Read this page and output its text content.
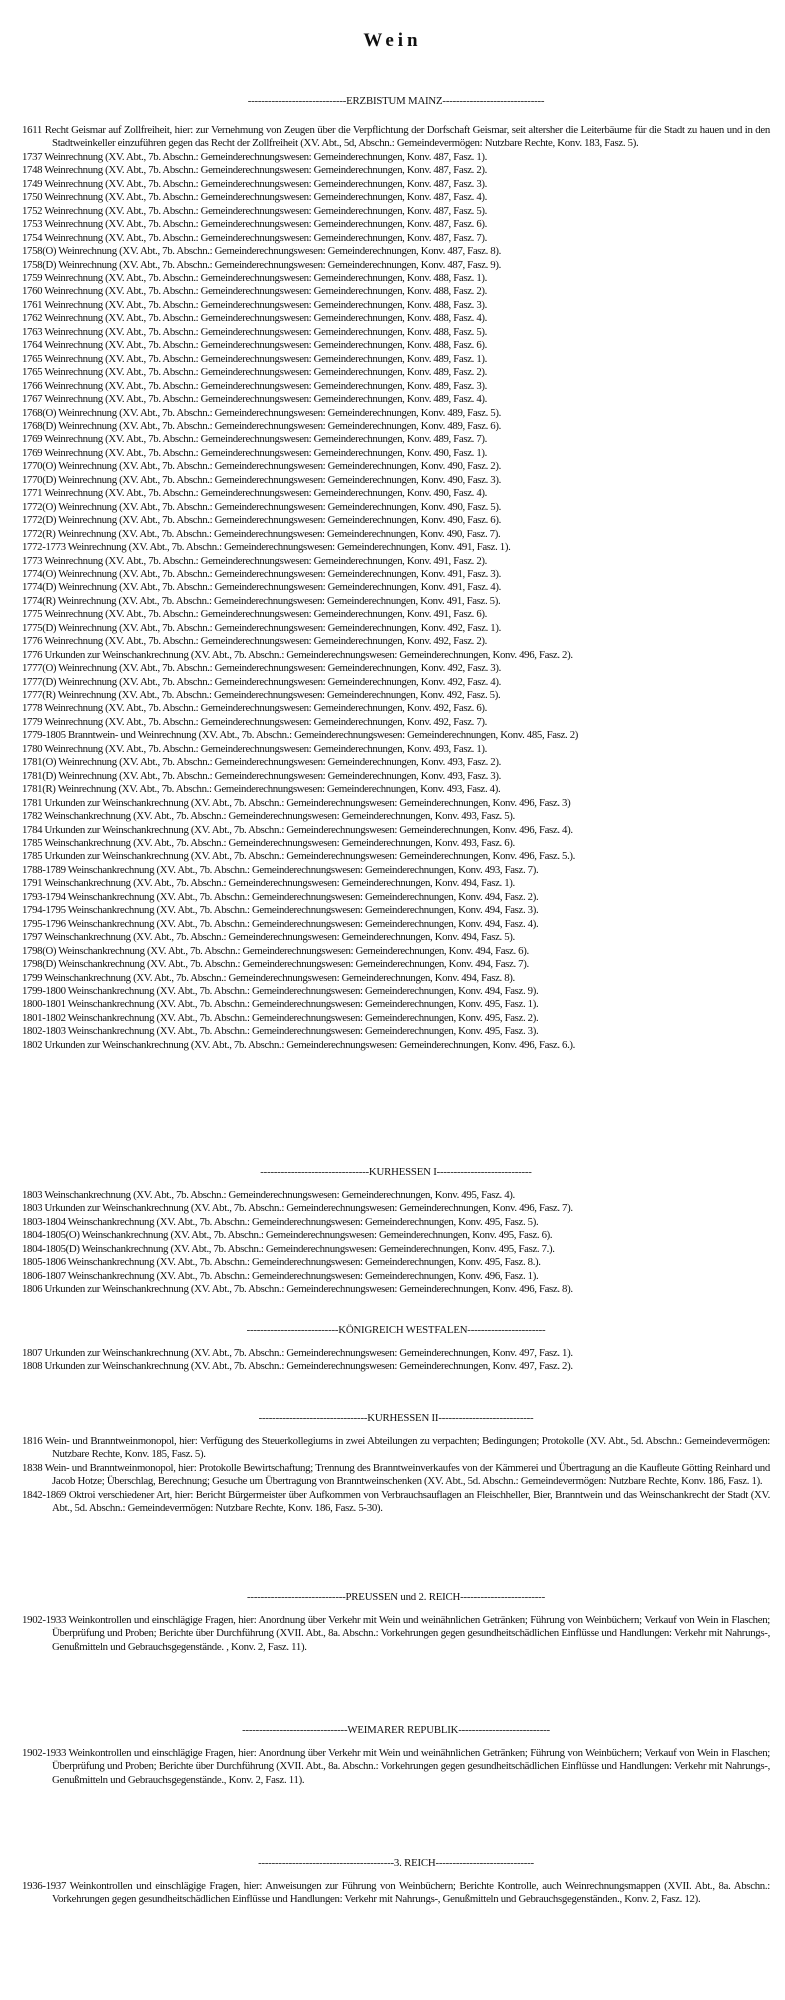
Wein
-----------------------------ERZBISTUM MAINZ------------------------------
1611 Recht Geismar auf Zollfreiheit, hier: zur Vernehmung von Zeugen über die Verpflichtung der Dorfschaft Geismar, seit altersher die Leiterbäume für die Stadt zu hauen und in den Stadtweinkeller einzuführen gegen das Recht der Zollfreiheit (XV. Abt., 5d, Abschn.: Gemeindevermögen: Nutzbare Rechte, Konv. 183, Fasz. 5).
1737 Weinrechnung (XV. Abt., 7b. Abschn.: Gemeinderechnungswesen: Gemeinderechnungen, Konv. 487, Fasz. 1).
1748 Weinrechnung (XV. Abt., 7b. Abschn.: Gemeinderechnungswesen: Gemeinderechnungen, Konv. 487, Fasz. 2).
1749 Weinrechnung (XV. Abt., 7b. Abschn.: Gemeinderechnungswesen: Gemeinderechnungen, Konv. 487, Fasz. 3).
1750 Weinrechnung (XV. Abt., 7b. Abschn.: Gemeinderechnungswesen: Gemeinderechnungen, Konv. 487, Fasz. 4).
1752 Weinrechnung (XV. Abt., 7b. Abschn.: Gemeinderechnungswesen: Gemeinderechnungen, Konv. 487, Fasz. 5).
1753 Weinrechnung (XV. Abt., 7b. Abschn.: Gemeinderechnungswesen: Gemeinderechnungen, Konv. 487, Fasz. 6).
1754 Weinrechnung (XV. Abt., 7b. Abschn.: Gemeinderechnungswesen: Gemeinderechnungen, Konv. 487, Fasz. 7).
1758(O) Weinrechnung (XV. Abt., 7b. Abschn.: Gemeinderechnungswesen: Gemeinderechnungen, Konv. 487, Fasz. 8).
1758(D) Weinrechnung (XV. Abt., 7b. Abschn.: Gemeinderechnungswesen: Gemeinderechnungen, Konv. 487, Fasz. 9).
1759 Weinrechnung (XV. Abt., 7b. Abschn.: Gemeinderechnungswesen: Gemeinderechnungen, Konv. 488, Fasz. 1).
1760 Weinrechnung (XV. Abt., 7b. Abschn.: Gemeinderechnungswesen: Gemeinderechnungen, Konv. 488, Fasz. 2).
1761 Weinrechnung (XV. Abt., 7b. Abschn.: Gemeinderechnungswesen: Gemeinderechnungen, Konv. 488, Fasz. 3).
1762 Weinrechnung (XV. Abt., 7b. Abschn.: Gemeinderechnungswesen: Gemeinderechnungen, Konv. 488, Fasz. 4).
1763 Weinrechnung (XV. Abt., 7b. Abschn.: Gemeinderechnungswesen: Gemeinderechnungen, Konv. 488, Fasz. 5).
1764 Weinrechnung (XV. Abt., 7b. Abschn.: Gemeinderechnungswesen: Gemeinderechnungen, Konv. 488, Fasz. 6).
1765 Weinrechnung (XV. Abt., 7b. Abschn.: Gemeinderechnungswesen: Gemeinderechnungen, Konv. 489, Fasz. 1).
1765 Weinrechnung (XV. Abt., 7b. Abschn.: Gemeinderechnungswesen: Gemeinderechnungen, Konv. 489, Fasz. 2).
1766 Weinrechnung (XV. Abt., 7b. Abschn.: Gemeinderechnungswesen: Gemeinderechnungen, Konv. 489, Fasz. 3).
1767 Weinrechnung (XV. Abt., 7b. Abschn.: Gemeinderechnungswesen: Gemeinderechnungen, Konv. 489, Fasz. 4).
1768(O) Weinrechnung (XV. Abt., 7b. Abschn.: Gemeinderechnungswesen: Gemeinderechnungen, Konv. 489, Fasz. 5).
1768(D) Weinrechnung (XV. Abt., 7b. Abschn.: Gemeinderechnungswesen: Gemeinderechnungen, Konv. 489, Fasz. 6).
1769 Weinrechnung (XV. Abt., 7b. Abschn.: Gemeinderechnungswesen: Gemeinderechnungen, Konv. 489, Fasz. 7).
1769 Weinrechnung (XV. Abt., 7b. Abschn.: Gemeinderechnungswesen: Gemeinderechnungen, Konv. 490, Fasz. 1).
1770(O) Weinrechnung (XV. Abt., 7b. Abschn.: Gemeinderechnungswesen: Gemeinderechnungen, Konv. 490, Fasz. 2).
1770(D) Weinrechnung (XV. Abt., 7b. Abschn.: Gemeinderechnungswesen: Gemeinderechnungen, Konv. 490, Fasz. 3).
1771 Weinrechnung (XV. Abt., 7b. Abschn.: Gemeinderechnungswesen: Gemeinderechnungen, Konv. 490, Fasz. 4).
1772(O) Weinrechnung (XV. Abt., 7b. Abschn.: Gemeinderechnungswesen: Gemeinderechnungen, Konv. 490, Fasz. 5).
1772(D) Weinrechnung (XV. Abt., 7b. Abschn.: Gemeinderechnungswesen: Gemeinderechnungen, Konv. 490, Fasz. 6).
1772(R) Weinrechnung (XV. Abt., 7b. Abschn.: Gemeinderechnungswesen: Gemeinderechnungen, Konv. 490, Fasz. 7).
1772-1773 Weinrechnung (XV. Abt., 7b. Abschn.: Gemeinderechnungswesen: Gemeinderechnungen, Konv. 491, Fasz. 1).
1773 Weinrechnung (XV. Abt., 7b. Abschn.: Gemeinderechnungswesen: Gemeinderechnungen, Konv. 491, Fasz. 2).
1774(O) Weinrechnung (XV. Abt., 7b. Abschn.: Gemeinderechnungswesen: Gemeinderechnungen, Konv. 491, Fasz. 3).
1774(D) Weinrechnung (XV. Abt., 7b. Abschn.: Gemeinderechnungswesen: Gemeinderechnungen, Konv. 491, Fasz. 4).
1774(R) Weinrechnung (XV. Abt., 7b. Abschn.: Gemeinderechnungswesen: Gemeinderechnungen, Konv. 491, Fasz. 5).
1775 Weinrechnung (XV. Abt., 7b. Abschn.: Gemeinderechnungswesen: Gemeinderechnungen, Konv. 491, Fasz. 6).
1775(D) Weinrechnung (XV. Abt., 7b. Abschn.: Gemeinderechnungswesen: Gemeinderechnungen, Konv. 492, Fasz. 1).
1776 Weinrechnung (XV. Abt., 7b. Abschn.: Gemeinderechnungswesen: Gemeinderechnungen, Konv. 492, Fasz. 2).
1776 Urkunden zur Weinschankrechnung (XV. Abt., 7b. Abschn.: Gemeinderechnungswesen: Gemeinderechnungen, Konv. 496, Fasz. 2).
1777(O) Weinrechnung (XV. Abt., 7b. Abschn.: Gemeinderechnungswesen: Gemeinderechnungen, Konv. 492, Fasz. 3).
1777(D) Weinrechnung (XV. Abt., 7b. Abschn.: Gemeinderechnungswesen: Gemeinderechnungen, Konv. 492, Fasz. 4).
1777(R) Weinrechnung (XV. Abt., 7b. Abschn.: Gemeinderechnungswesen: Gemeinderechnungen, Konv. 492, Fasz. 5).
1778 Weinrechnung (XV. Abt., 7b. Abschn.: Gemeinderechnungswesen: Gemeinderechnungen, Konv. 492, Fasz. 6).
1779 Weinrechnung (XV. Abt., 7b. Abschn.: Gemeinderechnungswesen: Gemeinderechnungen, Konv. 492, Fasz. 7).
1779-1805 Branntwein- und Weinrechnung (XV. Abt., 7b. Abschn.: Gemeinderechnungswesen: Gemeinderechnungen, Konv. 485, Fasz. 2)
1780 Weinrechnung (XV. Abt., 7b. Abschn.: Gemeinderechnungswesen: Gemeinderechnungen, Konv. 493, Fasz. 1).
1781(O) Weinrechnung (XV. Abt., 7b. Abschn.: Gemeinderechnungswesen: Gemeinderechnungen, Konv. 493, Fasz. 2).
1781(D) Weinrechnung (XV. Abt., 7b. Abschn.: Gemeinderechnungswesen: Gemeinderechnungen, Konv. 493, Fasz. 3).
1781(R) Weinrechnung (XV. Abt., 7b. Abschn.: Gemeinderechnungswesen: Gemeinderechnungen, Konv. 493, Fasz. 4).
1781 Urkunden zur Weinschankrechnung (XV. Abt., 7b. Abschn.: Gemeinderechnungswesen: Gemeinderechnungen, Konv. 496, Fasz. 3)
1782 Weinschankrechnung (XV. Abt., 7b. Abschn.: Gemeinderechnungswesen: Gemeinderechnungen, Konv. 493, Fasz. 5).
1784 Urkunden zur Weinschankrechnung (XV. Abt., 7b. Abschn.: Gemeinderechnungswesen: Gemeinderechnungen, Konv. 496, Fasz. 4).
1785 Weinschankrechnung (XV. Abt., 7b. Abschn.: Gemeinderechnungswesen: Gemeinderechnungen, Konv. 493, Fasz. 6).
1785 Urkunden zur Weinschankrechnung (XV. Abt., 7b. Abschn.: Gemeinderechnungswesen: Gemeinderechnungen, Konv. 496, Fasz. 5.).
1788-1789 Weinschankrechnung (XV. Abt., 7b. Abschn.: Gemeinderechnungswesen: Gemeinderechnungen, Konv. 493, Fasz. 7).
1791 Weinschankrechnung (XV. Abt., 7b. Abschn.: Gemeinderechnungswesen: Gemeinderechnungen, Konv. 494, Fasz. 1).
1793-1794 Weinschankrechnung (XV. Abt., 7b. Abschn.: Gemeinderechnungswesen: Gemeinderechnungen, Konv. 494, Fasz. 2).
1794-1795 Weinschankrechnung (XV. Abt., 7b. Abschn.: Gemeinderechnungswesen: Gemeinderechnungen, Konv. 494, Fasz. 3).
1795-1796 Weinschankrechnung (XV. Abt., 7b. Abschn.: Gemeinderechnungswesen: Gemeinderechnungen, Konv. 494, Fasz. 4).
1797 Weinschankrechnung (XV. Abt., 7b. Abschn.: Gemeinderechnungswesen: Gemeinderechnungen, Konv. 494, Fasz. 5).
1798(O) Weinschankrechnung (XV. Abt., 7b. Abschn.: Gemeinderechnungswesen: Gemeinderechnungen, Konv. 494, Fasz. 6).
1798(D) Weinschankrechnung (XV. Abt., 7b. Abschn.: Gemeinderechnungswesen: Gemeinderechnungen, Konv. 494, Fasz. 7).
1799 Weinschankrechnung (XV. Abt., 7b. Abschn.: Gemeinderechnungswesen: Gemeinderechnungen, Konv. 494, Fasz. 8).
1799-1800 Weinschankrechnung (XV. Abt., 7b. Abschn.: Gemeinderechnungswesen: Gemeinderechnungen, Konv. 494, Fasz. 9).
1800-1801 Weinschankrechnung (XV. Abt., 7b. Abschn.: Gemeinderechnungswesen: Gemeinderechnungen, Konv. 495, Fasz. 1).
1801-1802 Weinschankrechnung (XV. Abt., 7b. Abschn.: Gemeinderechnungswesen: Gemeinderechnungen, Konv. 495, Fasz. 2).
1802-1803 Weinschankrechnung (XV. Abt., 7b. Abschn.: Gemeinderechnungswesen: Gemeinderechnungen, Konv. 495, Fasz. 3).
1802 Urkunden zur Weinschankrechnung (XV. Abt., 7b. Abschn.: Gemeinderechnungswesen: Gemeinderechnungen, Konv. 496, Fasz. 6.).
--------------------------------KURHESSEN I----------------------------
1803 Weinschankrechnung (XV. Abt., 7b. Abschn.: Gemeinderechnungswesen: Gemeinderechnungen, Konv. 495, Fasz. 4).
1803 Urkunden zur Weinschankrechnung (XV. Abt., 7b. Abschn.: Gemeinderechnungswesen: Gemeinderechnungen, Konv. 496, Fasz. 7).
1803-1804 Weinschankrechnung (XV. Abt., 7b. Abschn.: Gemeinderechnungswesen: Gemeinderechnungen, Konv. 495, Fasz. 5).
1804-1805(O) Weinschankrechnung (XV. Abt., 7b. Abschn.: Gemeinderechnungswesen: Gemeinderechnungen, Konv. 495, Fasz. 6).
1804-1805(D) Weinschankrechnung (XV. Abt., 7b. Abschn.: Gemeinderechnungswesen: Gemeinderechnungen, Konv. 495, Fasz. 7.).
1805-1806 Weinschankrechnung (XV. Abt., 7b. Abschn.: Gemeinderechnungswesen: Gemeinderechnungen, Konv. 495, Fasz. 8.).
1806-1807 Weinschankrechnung (XV. Abt., 7b. Abschn.: Gemeinderechnungswesen: Gemeinderechnungen, Konv. 496, Fasz. 1).
1806 Urkunden zur Weinschankrechnung (XV. Abt., 7b. Abschn.: Gemeinderechnungswesen: Gemeinderechnungen, Konv. 496, Fasz. 8).
---------------------------KÖNIGREICH WESTFALEN-----------------------
1807 Urkunden zur Weinschankrechnung (XV. Abt., 7b. Abschn.: Gemeinderechnungswesen: Gemeinderechnungen, Konv. 497, Fasz. 1).
1808 Urkunden zur Weinschankrechnung (XV. Abt., 7b. Abschn.: Gemeinderechnungswesen: Gemeinderechnungen, Konv. 497, Fasz. 2).
--------------------------------KURHESSEN II----------------------------
1816 Wein- und Branntweinmonopol, hier: Verfügung des Steuerkollegiums in zwei Abteilungen zu verpachten; Bedingungen; Protokolle (XV. Abt., 5d. Abschn.: Gemeindevermögen: Nutzbare Rechte, Konv. 185, Fasz. 5).
1838 Wein- und Branntweinmonopol, hier: Protokolle Bewirtschaftung; Trennung des Branntweinverkaufes von der Kämmerei und Übertragung an die Kaufleute Götting Reinhard und Jacob Hotze; Überschlag, Berechnung; Gesuche um Übertragung von Branntweinschenken (XV. Abt., 5d. Abschn.: Gemeindevermögen: Nutzbare Rechte, Konv. 186, Fasz. 1).
1842-1869 Oktroi verschiedener Art, hier: Bericht Bürgermeister über Aufkommen von Verbrauchsauflagen an Fleischheller, Bier, Branntwein und das Weinschankrecht der Stadt (XV. Abt., 5d. Abschn.: Gemeindevermögen: Nutzbare Rechte, Konv. 186, Fasz. 5-30).
-----------------------------PREUSSEN und 2. REICH-------------------------
1902-1933 Weinkontrollen und einschlägige Fragen, hier: Anordnung über Verkehr mit Wein und weinähnlichen Getränken; Führung von Weinbüchern; Verkauf von Wein in Flaschen; Überprüfung und Proben; Berichte über Durchführung (XVII. Abt., 8a. Abschn.: Vorkehrungen gegen gesundheitschädlichen Einflüsse und Handlungen: Verkehr mit Nahrungs-, Genußmitteln und Gebrauchsgegenstände. , Konv. 2, Fasz. 11).
-------------------------------WEIMARER REPUBLIK---------------------------
1902-1933 Weinkontrollen und einschlägige Fragen, hier: Anordnung über Verkehr mit Wein und weinähnlichen Getränken; Führung von Weinbüchern; Verkauf von Wein in Flaschen; Überprüfung und Proben; Berichte über Durchführung (XVII. Abt., 8a. Abschn.: Vorkehrungen gegen gesundheitschädlichen Einflüsse und Handlungen: Verkehr mit Nahrungs-, Genußmitteln und Gebrauchsgegenstände., Konv. 2, Fasz. 11).
----------------------------------------3. REICH-----------------------------
1936-1937 Weinkontrollen und einschlägige Fragen, hier: Anweisungen zur Führung von Weinbüchern; Berichte Kontrolle, auch Weinrechnungsmappen (XVII. Abt., 8a. Abschn.: Vorkehrungen gegen gesundheitschädlichen Einflüsse und Handlungen: Verkehr mit Nahrungs-, Genußmitteln und Gebrauchsgegenständen., Konv. 2, Fasz. 12).
